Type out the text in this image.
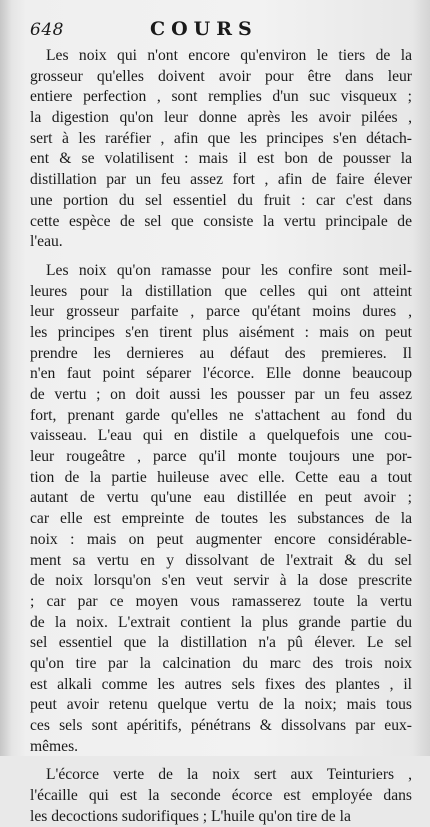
648	COURS
Les noix qui n'ont encore qu'environ le tiers de la
grosseur qu'elles doivent avoir pour être dans leur
entiere perfection , sont remplies d'un suc visqueux ;
la digestion qu'on leur donne après les avoir pilées ,
sert à les raréfier , afin que les principes s'en détach-
ent & se volatilisent : mais il est bon de pousser la
distillation par un feu assez fort , afin de faire élever
une portion du sel essentiel du fruit : car c'est dans
cette espèce de sel que consiste la vertu principale de
l'eau.
Les noix qu'on ramasse pour les confire sont meil-
leures pour la distillation que celles qui ont atteint
leur grosseur parfaite , parce qu'étant moins dures ,
les principes s'en tirent plus aisément : mais on peut
prendre les dernieres au défaut des premieres. Il
n'en faut point séparer l'écorce. Elle donne beaucoup
de vertu ; on doit aussi les pousser par un feu assez
fort, prenant garde qu'elles ne s'attachent au fond du
vaisseau. L'eau qui en distile a quelquefois une cou-
leur rougeâtre , parce qu'il monte toujours une por-
tion de la partie huileuse avec elle. Cette eau a tout
autant de vertu qu'une eau distillée en peut avoir ;
car elle est empreinte de toutes les substances de la
noix : mais on peut augmenter encore considérable-
ment sa vertu en y dissolvant de l'extrait & du sel
de noix lorsqu'on s'en veut servir à la dose prescrite
; car par ce moyen vous ramasserez toute la vertu
de la noix. L'extrait contient la plus grande partie du
sel essentiel que la distillation n'a pû élever. Le sel
qu'on tire par la calcination du marc des trois noix
est alkali comme les autres sels fixes des plantes , il
peut avoir retenu quelque vertu de la noix; mais tous
ces sels sont apéritifs, pénétrans & dissolvans par eux-
mêmes.
L'écorce verte de la noix sert aux Teinturiers ,
l'écaille qui est la seconde écorce est employée dans
les decoctions sudorifiques ; L'huile qu'on tire de la
